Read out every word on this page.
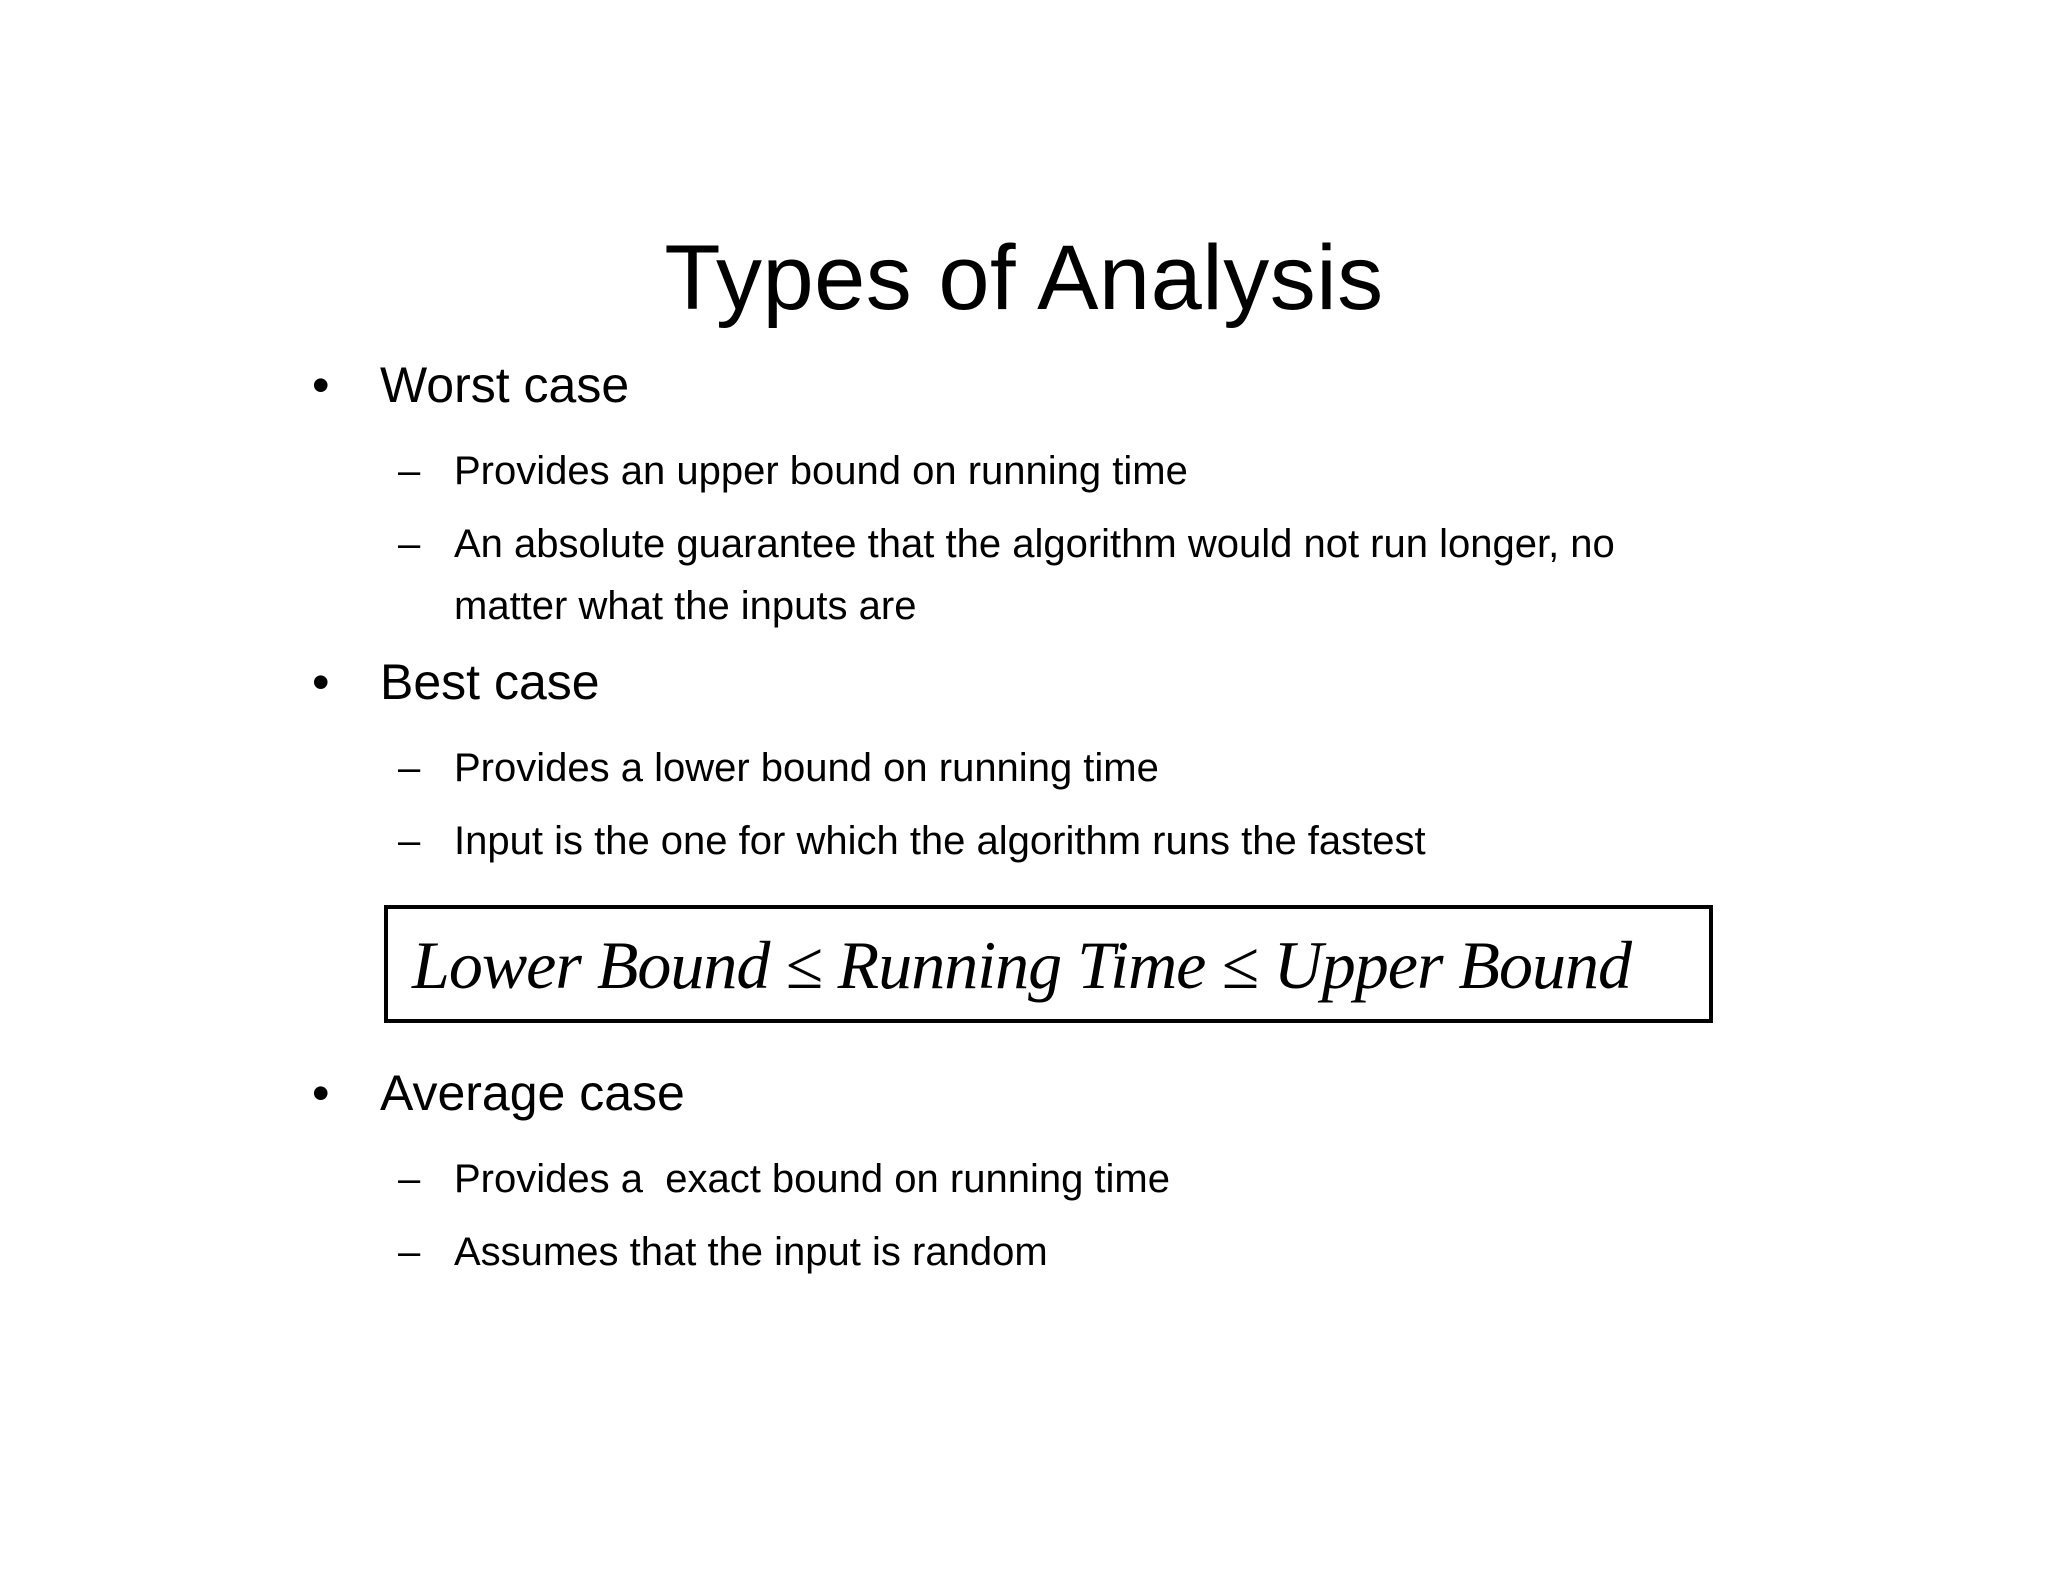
Types of Analysis
• Worst case
– Provides an upper bound on running time
– An absolute guarantee that the algorithm would not run longer, no
matter what the inputs are
• Best case
– Provides a lower bound on running time
– Input is the one for which the algorithm runs the fastest
Lower Bound ≤ Running Time ≤ Upper Bound
• Average case
– Provides a  exact bound on running time
– Assumes that the input is random
